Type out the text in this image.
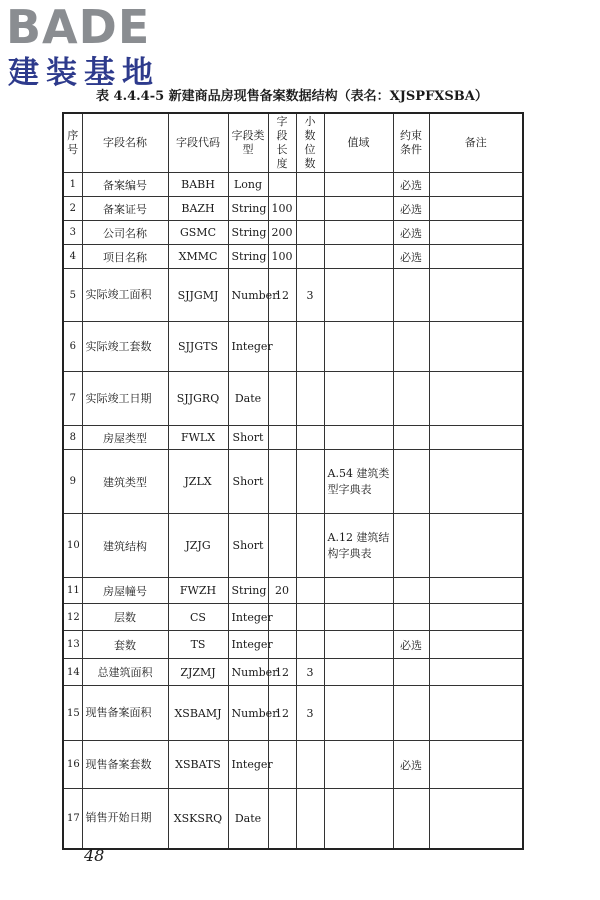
BADE
建装基地
表 4.4.4-5 新建商品房现售备案数据结构（表名：XJSPFXSBA）
序号	字段名称	字段代码	字段类型	字段长度	小数位数	值域	约束条件	备注
1	备案编号	BABH	Long				必选	
2	备案证号	BAZH	String	100			必选	
3	公司名称	GSMC	String	200			必选	
4	项目名称	XMMC	String	100			必选	
5	实际竣工面积	SJJGMJ	Number	12	3			
6	实际竣工套数	SJJGTS	Integer					
7	实际竣工日期	SJJGRQ	Date					
8	房屋类型	FWLX	Short					
9	建筑类型	JZLX	Short			A.54 建筑类型字典表		
10	建筑结构	JZJG	Short			A.12 建筑结构字典表		
11	房屋幢号	FWZH	String	20				
12	层数	CS	Integer					
13	套数	TS	Integer				必选	
14	总建筑面积	ZJZMJ	Number	12	3			
15	现售备案面积	XSBAMJ	Number	12	3			
16	现售备案套数	XSBATS	Integer				必选	
17	销售开始日期	XSKSRQ	Date					
48
